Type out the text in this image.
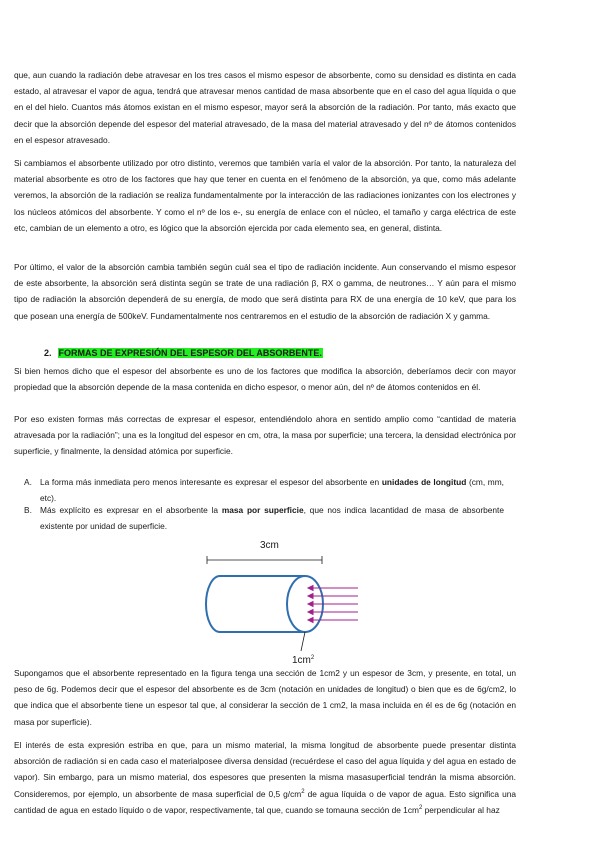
que, aun cuando la radiación debe atravesar en los tres casos el mismo espesor de absorbente, como su densidad es distinta en cada estado, al atravesar el vapor de agua, tendrá que atravesar menos cantidad de masa absorbente que en el caso del agua líquida o que en el del hielo. Cuantos más átomos existan en el mismo espesor, mayor será la absorción de la radiación. Por tanto, más exacto que decir que la absorción depende del espesor del material atravesado, de la masa del material atravesado y del nº de átomos contenidos en el espesor atravesado.

Si cambiamos el absorbente utilizado por otro distinto, veremos que también varía el valor de la absorción. Por tanto, la naturaleza del material absorbente es otro de los factores que hay que tener en cuenta en el fenómeno de la absorción, ya que, como más adelante veremos, la absorción de la radiación se realiza fundamentalmente por la interacción de las radiaciones ionizantes con los electrones y los núcleos atómicos del absorbente. Y como el nº de los e-, su energía de enlace con el núcleo, el tamaño y carga eléctrica de este etc, cambian de un elemento a otro, es lógico que la absorción ejercida por cada elemento sea, en general, distinta.

Por último, el valor de la absorción cambia también según cuál sea el tipo de radiación incidente. Aun conservando el mismo espesor de este absorbente, la absorción será distinta según se trate de una radiación β, RX o gamma, de neutrones… Y aún para el mismo tipo de radiación la absorción dependerá de su energía, de modo que será distinta para RX de una energía de 10 keV, que para los que posean una energía de 500keV. Fundamentalmente nos centraremos en el estudio de la absorción de radiación X y gamma.

2. FORMAS DE EXPRESIÓN DEL ESPESOR DEL ABSORBENTE.

Si bien hemos dicho que el espesor del absorbente es uno de los factores que modifica la absorción, deberíamos decir con mayor propiedad que la absorción depende de la masa contenida en dicho espesor, o menor aún, del nº de átomos contenidos en él.

Por eso existen formas más correctas de expresar el espesor, entendiéndolo ahora en sentido amplio como “cantidad de materia atravesada por la radiación”; una es la longitud del espesor en cm, otra, la masa por superficie; una tercera, la densidad electrónica por superficie, y finalmente, la densidad atómica por superficie.

A. La forma más inmediata pero menos interesante es expresar el espesor del absorbente en unidades de longitud (cm, mm, etc).
B. Más explícito es expresar en el absorbente la masa por superficie, que nos indica lacantidad de masa de absorbente existente por unidad de superficie.
3cm
$1cm^2$

Supongamos que el absorbente representado en la figura tenga una sección de 1cm2 y un espesor de 3cm, y presente, en total, un peso de 6g. Podemos decir que el espesor del absorbente es de 3cm (notación en unidades de longitud) o bien que es de 6g/cm2, lo que indica que el absorbente tiene un espesor tal que, al considerar la sección de 1 cm2, la masa incluida en él es de 6g (notación en masa por superficie).

El interés de esta expresión estriba en que, para un mismo material, la misma longitud de absorbente puede presentar distinta absorción de radiación si en cada caso el materialposee diversa densidad (recuérdese el caso del agua líquida y del agua en estado de vapor). Sin embargo, para un mismo material, dos espesores que presenten la misma masasuperficial tendrán la misma absorción. Consideremos, por ejemplo, un absorbente de masa superficial de 0,5 $g/cm^2$ de agua líquida o de vapor de agua. Esto significa una cantidad de agua en estado líquido o de vapor, respectivamente, tal que, cuando se tomauna sección de $1cm^2$ perpendicular al haz
